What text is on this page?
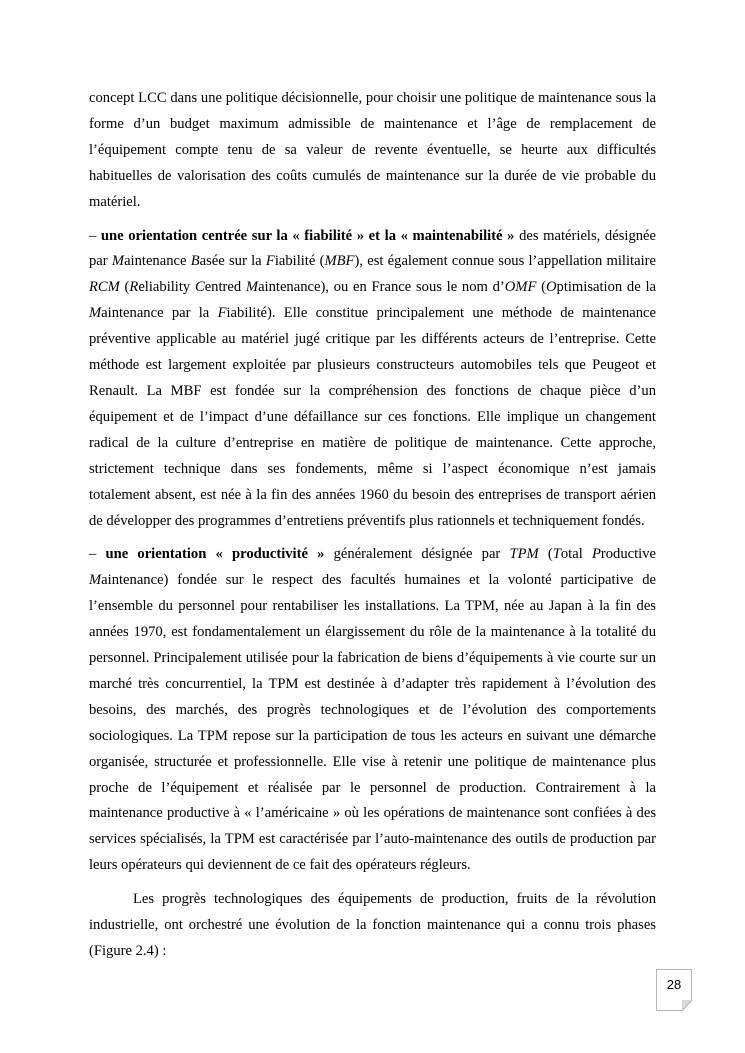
concept LCC dans une politique décisionnelle, pour choisir une politique de maintenance sous la forme d’un budget maximum admissible de maintenance et l’âge de remplacement de l’équipement compte tenu de sa valeur de revente éventuelle, se heurte aux difficultés habituelles de valorisation des coûts cumulés de maintenance sur la durée de vie probable du matériel.

– une orientation centrée sur la « fiabilité » et la « maintenabilité » des matériels, désignée par Maintenance Basée sur la Fiabilité (MBF), est également connue sous l’appellation militaire RCM (Reliability Centred Maintenance), ou en France sous le nom d’OMF (Optimisation de la Maintenance par la Fiabilité). Elle constitue principalement une méthode de maintenance préventive applicable au matériel jugé critique par les différents acteurs de l’entreprise. Cette méthode est largement exploitée par plusieurs constructeurs automobiles tels que Peugeot et Renault. La MBF est fondée sur la compréhension des fonctions de chaque pièce d’un équipement et de l’impact d’une défaillance sur ces fonctions. Elle implique un changement radical de la culture d’entreprise en matière de politique de maintenance. Cette approche, strictement technique dans ses fondements, même si l’aspect économique n’est jamais totalement absent, est née à la fin des années 1960 du besoin des entreprises de transport aérien de développer des programmes d’entretiens préventifs plus rationnels et techniquement fondés.

– une orientation « productivité » généralement désignée par TPM (Total Productive Maintenance) fondée sur le respect des facultés humaines et la volonté participative de l’ensemble du personnel pour rentabiliser les installations. La TPM, née au Japan à la fin des années 1970, est fondamentalement un élargissement du rôle de la maintenance à la totalité du personnel. Principalement utilisée pour la fabrication de biens d’équipements à vie courte sur un marché très concurrentiel, la TPM est destinée à d’adapter très rapidement à l’évolution des besoins, des marchés, des progrès technologiques et de l’évolution des comportements sociologiques. La TPM repose sur la participation de tous les acteurs en suivant une démarche organisée, structurée et professionnelle. Elle vise à retenir une politique de maintenance plus proche de l’équipement et réalisée par le personnel de production. Contrairement à la maintenance productive à « l’américaine » où les opérations de maintenance sont confiées à des services spécialisés, la TPM est caractérisée par l’auto-maintenance des outils de production par leurs opérateurs qui deviennent de ce fait des opérateurs régleurs.

Les progrès technologiques des équipements de production, fruits de la révolution industrielle, ont orchestré une évolution de la fonction maintenance qui a connu trois phases (Figure 2.4) :

28
